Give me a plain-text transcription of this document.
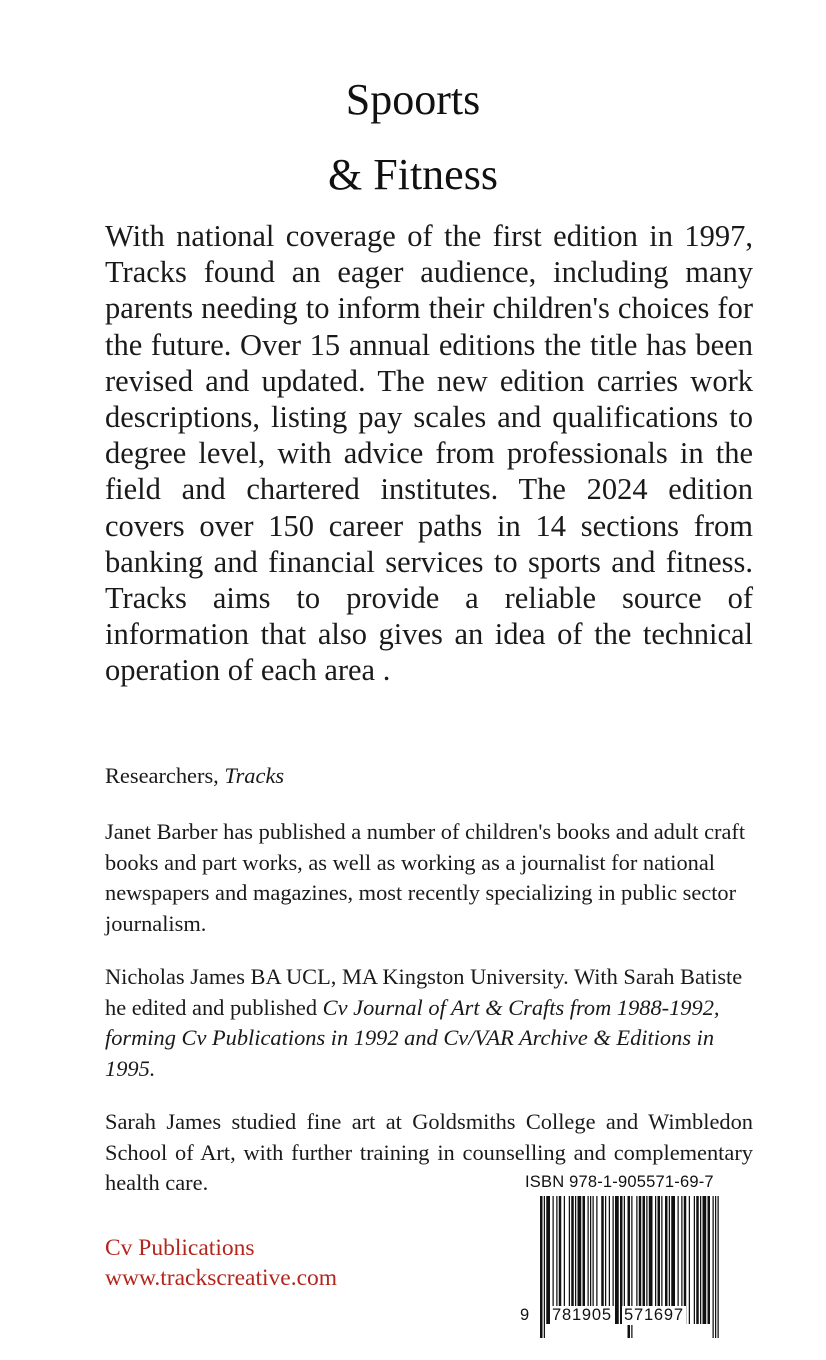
Spoorts
& Fitness

With national coverage of the first edition in 1997, Tracks found an eager audience, including many parents needing to inform their children's choices for the future. Over 15 annual editions the title has been revised and updated. The new edition carries work descriptions, listing pay scales and qualifications to degree level, with advice from professionals in the field and chartered institutes. The 2024 edition covers over 150 career paths in 14 sections from banking and financial services to sports and fitness. Tracks aims to provide a reliable source of information that also gives an idea of the technical operation of each area .

Researchers, Tracks

Janet Barber has published a number of children's books and adult craft books and part works, as well as working as a journalist for national newspapers and magazines, most recently specializing in public sector journalism.

Nicholas James BA UCL, MA Kingston University. With Sarah Batiste he edited and published Cv Journal of Art & Crafts from 1988-1992, forming Cv Publications in 1992 and Cv/VAR Archive & Editions in 1995.

Sarah James studied fine art at Goldsmiths College and Wimbledon School of Art, with further training in counselling and complementary health care.

Cv Publications
www.trackscreative.com
ISBN 978-1-905571-69-7
9 781905 571697
